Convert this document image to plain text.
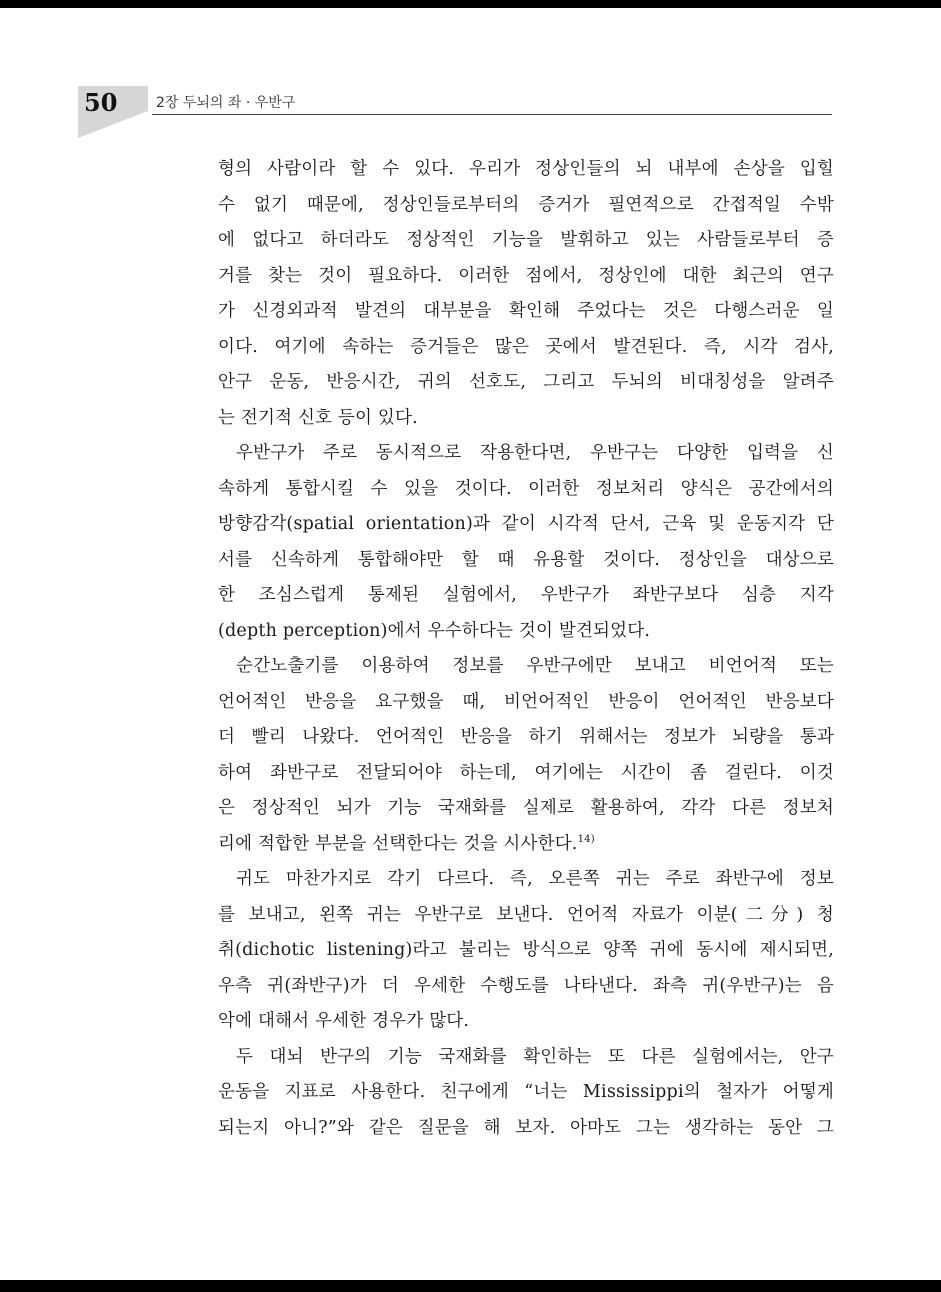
50	2장 두뇌의 좌 · 우반구
형의 사람이라 할 수 있다. 우리가 정상인들의 뇌 내부에 손상을 입힐
수 없기 때문에, 정상인들로부터의 증거가 필연적으로 간접적일 수밖
에 없다고 하더라도 정상적인 기능을 발휘하고 있는 사람들로부터 증
거를 찾는 것이 필요하다. 이러한 점에서, 정상인에 대한 최근의 연구
가 신경외과적 발견의 대부분을 확인해 주었다는 것은 다행스러운 일
이다. 여기에 속하는 증거들은 많은 곳에서 발견된다. 즉, 시각 검사,
안구 운동, 반응시간, 귀의 선호도, 그리고 두뇌의 비대칭성을 알려주
는 전기적 신호 등이 있다.
우반구가 주로 동시적으로 작용한다면, 우반구는 다양한 입력을 신
속하게 통합시킬 수 있을 것이다. 이러한 정보처리 양식은 공간에서의
방향감각(spatial orientation)과 같이 시각적 단서, 근육 및 운동지각 단
서를 신속하게 통합해야만 할 때 유용할 것이다. 정상인을 대상으로
한 조심스럽게 통제된 실험에서, 우반구가 좌반구보다 심층 지각
(depth perception)에서 우수하다는 것이 발견되었다.
순간노출기를 이용하여 정보를 우반구에만 보내고 비언어적 또는
언어적인 반응을 요구했을 때, 비언어적인 반응이 언어적인 반응보다
더 빨리 나왔다. 언어적인 반응을 하기 위해서는 정보가 뇌량을 통과
하여 좌반구로 전달되어야 하는데, 여기에는 시간이 좀 걸린다. 이것
은 정상적인 뇌가 기능 국재화를 실제로 활용하여, 각각 다른 정보처
리에 적합한 부분을 선택한다는 것을 시사한다.$^{14)}$
귀도 마찬가지로 각기 다르다. 즉, 오른쪽 귀는 주로 좌반구에 정보
를 보내고, 왼쪽 귀는 우반구로 보낸다. 언어적 자료가 이분(二分) 청
취(dichotic listening)라고 불리는 방식으로 양쪽 귀에 동시에 제시되면,
우측 귀(좌반구)가 더 우세한 수행도를 나타낸다. 좌측 귀(우반구)는 음
악에 대해서 우세한 경우가 많다.
두 대뇌 반구의 기능 국재화를 확인하는 또 다른 실험에서는, 안구
운동을 지표로 사용한다. 친구에게 “너는 Mississippi의 철자가 어떻게
되는지 아니?”와 같은 질문을 해 보자. 아마도 그는 생각하는 동안 그
